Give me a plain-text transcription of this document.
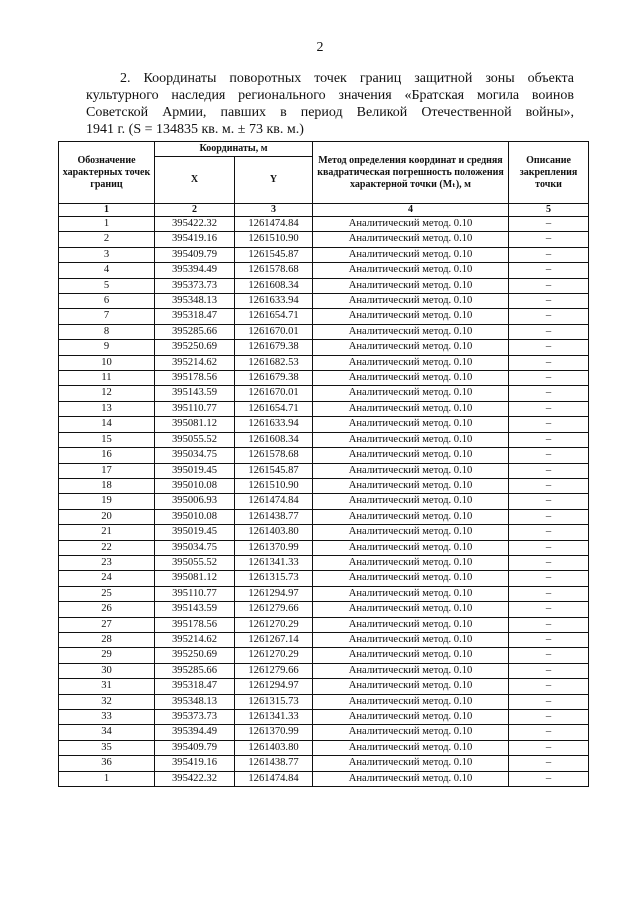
2
2. Координаты поворотных точек границ защитной зоны объекта
культурного наследия регионального значения «Братская могила воинов
Советской Армии, павших в период Великой Отечественной войны»,
1941 г. (S = 134835 кв. м. ± 73 кв. м.)
Обозначение характерных точек границ	Координаты, м		Метод определения координат и средняя квадратическая погрешность положения характерной точки (Mₜ), м	Описание закрепления точки
	X	Y		
1	2	3	4	5
1	395422.32	1261474.84	Аналитический метод. 0.10	–
2	395419.16	1261510.90	Аналитический метод. 0.10	–
3	395409.79	1261545.87	Аналитический метод. 0.10	–
4	395394.49	1261578.68	Аналитический метод. 0.10	–
5	395373.73	1261608.34	Аналитический метод. 0.10	–
6	395348.13	1261633.94	Аналитический метод. 0.10	–
7	395318.47	1261654.71	Аналитический метод. 0.10	–
8	395285.66	1261670.01	Аналитический метод. 0.10	–
9	395250.69	1261679.38	Аналитический метод. 0.10	–
10	395214.62	1261682.53	Аналитический метод. 0.10	–
11	395178.56	1261679.38	Аналитический метод. 0.10	–
12	395143.59	1261670.01	Аналитический метод. 0.10	–
13	395110.77	1261654.71	Аналитический метод. 0.10	–
14	395081.12	1261633.94	Аналитический метод. 0.10	–
15	395055.52	1261608.34	Аналитический метод. 0.10	–
16	395034.75	1261578.68	Аналитический метод. 0.10	–
17	395019.45	1261545.87	Аналитический метод. 0.10	–
18	395010.08	1261510.90	Аналитический метод. 0.10	–
19	395006.93	1261474.84	Аналитический метод. 0.10	–
20	395010.08	1261438.77	Аналитический метод. 0.10	–
21	395019.45	1261403.80	Аналитический метод. 0.10	–
22	395034.75	1261370.99	Аналитический метод. 0.10	–
23	395055.52	1261341.33	Аналитический метод. 0.10	–
24	395081.12	1261315.73	Аналитический метод. 0.10	–
25	395110.77	1261294.97	Аналитический метод. 0.10	–
26	395143.59	1261279.66	Аналитический метод. 0.10	–
27	395178.56	1261270.29	Аналитический метод. 0.10	–
28	395214.62	1261267.14	Аналитический метод. 0.10	–
29	395250.69	1261270.29	Аналитический метод. 0.10	–
30	395285.66	1261279.66	Аналитический метод. 0.10	–
31	395318.47	1261294.97	Аналитический метод. 0.10	–
32	395348.13	1261315.73	Аналитический метод. 0.10	–
33	395373.73	1261341.33	Аналитический метод. 0.10	–
34	395394.49	1261370.99	Аналитический метод. 0.10	–
35	395409.79	1261403.80	Аналитический метод. 0.10	–
36	395419.16	1261438.77	Аналитический метод. 0.10	–
1	395422.32	1261474.84	Аналитический метод. 0.10	–
